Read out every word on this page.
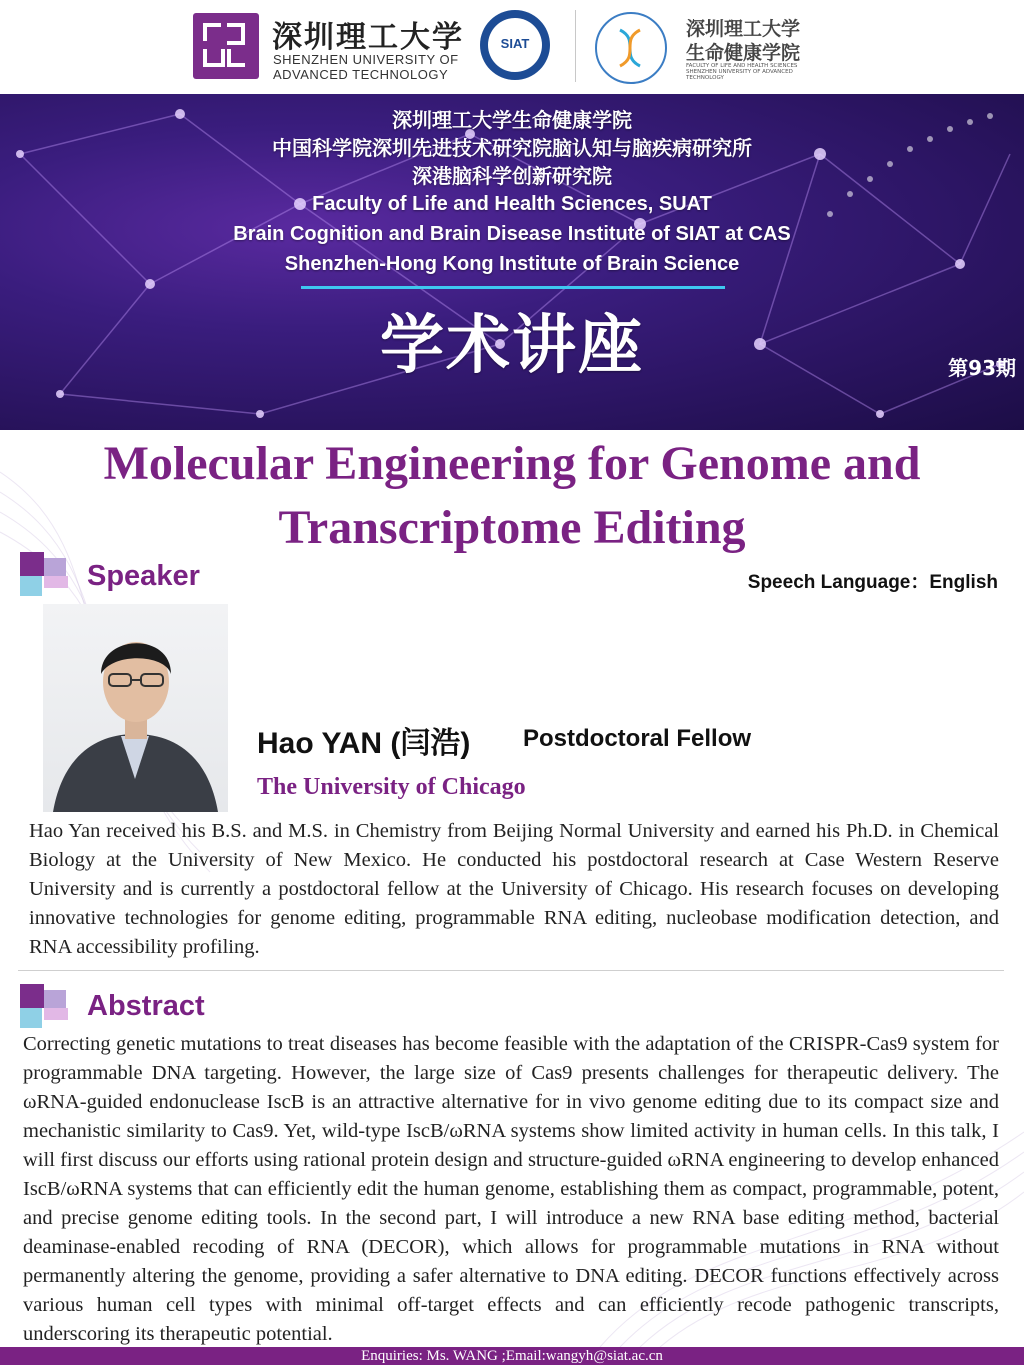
深圳理工大学
SHENZHEN UNIVERSITY OF
ADVANCED TECHNOLOGY
SIAT
深圳理工大学
生命健康学院
FACULTY OF LIFE AND HEALTH SCIENCES SHENZHEN UNIVERSITY OF ADVANCED TECHNOLOGY
深圳理工大学生命健康学院
中国科学院深圳先进技术研究院脑认知与脑疾病研究所
深港脑科学创新研究院
Faculty of Life and Health Sciences, SUAT
Brain Cognition and Brain Disease Institute of SIAT at CAS
Shenzhen-Hong Kong Institute of Brain Science
学术讲座	第93期
Molecular Engineering for Genome and
Transcriptome Editing
Speaker	Speech Language：English
Hao YAN (闫浩) Postdoctoral Fellow
The University of Chicago
Hao Yan received his B.S. and M.S. in Chemistry from Beijing Normal University and earned his Ph.D. in Chemical Biology at the University of New Mexico. He conducted his postdoctoral research at Case Western Reserve University and is currently a postdoctoral fellow at the University of Chicago. His research focuses on developing innovative technologies for genome editing, programmable RNA editing, nucleobase modification detection, and RNA accessibility profiling.
Abstract
Correcting genetic mutations to treat diseases has become feasible with the adaptation of the CRISPR-Cas9 system for programmable DNA targeting. However, the large size of Cas9 presents challenges for therapeutic delivery. The ωRNA-guided endonuclease IscB is an attractive alternative for in vivo genome editing due to its compact size and mechanistic similarity to Cas9. Yet, wild-type IscB/ωRNA systems show limited activity in human cells. In this talk, I will first discuss our efforts using rational protein design and structure-guided ωRNA engineering to develop enhanced IscB/ωRNA systems that can efficiently edit the human genome, establishing them as compact, programmable, potent, and precise genome editing tools. In the second part, I will introduce a new RNA base editing method, bacterial deaminase-enabled recoding of RNA (DECOR), which allows for programmable mutations in RNA without permanently altering the genome, providing a safer alternative to DNA editing. DECOR functions effectively across various human cell types with minimal off-target effects and can efficiently recode pathogenic transcripts, underscoring its therapeutic potential.
Enquiries: Ms. WANG ;Email:wangyh@siat.ac.cn
